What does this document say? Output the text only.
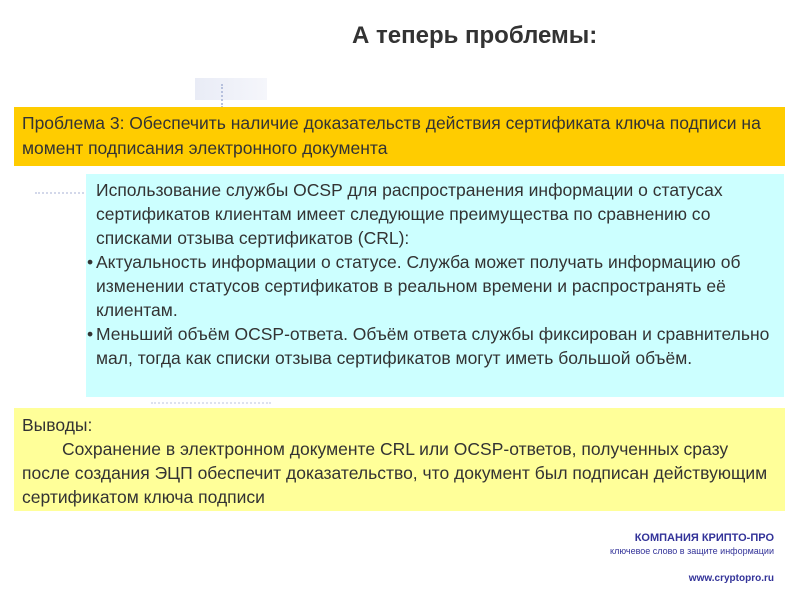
А теперь проблемы:
Проблема 3: Обеспечить наличие доказательств действия сертификата ключа подписи на момент подписания электронного документа

Использование службы OCSP для распространения информации о статусах сертификатов клиентам имеет следующие преимущества по сравнению со списками отзыва сертификатов (CRL):

• Актуальность информации о статусе. Служба может получать информацию об изменении статусов сертификатов в реальном времени и распространять её клиентам.
• Меньший объём OCSP-ответа. Объём ответа службы фиксирован и сравнительно мал, тогда как списки отзыва сертификатов могут иметь большой объём.

Выводы:

Сохранение в электронном документе CRL или OCSP-ответов, полученных сразу после создания ЭЦП обеспечит доказательство, что документ был подписан действующим сертификатом ключа подписи

КОМПАНИЯ КРИПТО-ПРО
ключевое слово в защите информации
www.cryptopro.ru
